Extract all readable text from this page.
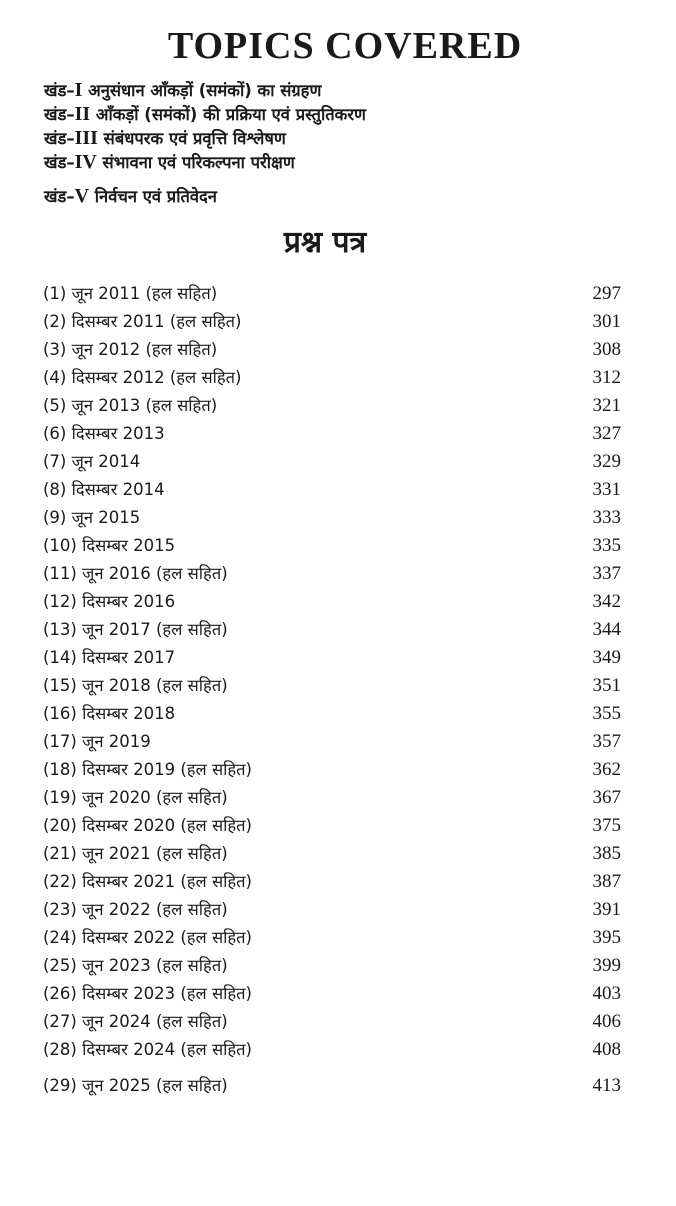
TOPICS COVERED
खंड–I अनुसंधान आँकड़ों (समंकों) का संग्रहण
खंड–II आँकड़ों (समंकों) की प्रक्रिया एवं प्रस्तुतिकरण
खंड–III संबंधपरक एवं प्रवृत्ति विश्लेषण
खंड–IV संभावना एवं परिकल्पना परीक्षण
खंड–V निर्वचन एवं प्रतिवेदन
प्रश्न पत्र
(1) जून 2011 (हल सहित)	297
(2) दिसम्बर 2011 (हल सहित)	301
(3) जून 2012 (हल सहित)	308
(4) दिसम्बर 2012 (हल सहित)	312
(5) जून 2013 (हल सहित)	321
(6) दिसम्बर 2013	327
(7) जून 2014	329
(8) दिसम्बर 2014	331
(9) जून 2015	333
(10) दिसम्बर 2015	335
(11) जून 2016 (हल सहित)	337
(12) दिसम्बर 2016	342
(13) जून 2017 (हल सहित)	344
(14) दिसम्बर 2017	349
(15) जून 2018 (हल सहित)	351
(16) दिसम्बर 2018	355
(17) जून 2019	357
(18) दिसम्बर 2019 (हल सहित)	362
(19) जून 2020 (हल सहित)	367
(20) दिसम्बर 2020 (हल सहित)	375
(21) जून 2021 (हल सहित)	385
(22) दिसम्बर 2021 (हल सहित)	387
(23) जून 2022 (हल सहित)	391
(24) दिसम्बर 2022 (हल सहित)	395
(25) जून 2023 (हल सहित)	399
(26) दिसम्बर 2023 (हल सहित)	403
(27) जून 2024 (हल सहित)	406
(28) दिसम्बर 2024 (हल सहित)	408
(29) जून 2025 (हल सहित)	413
